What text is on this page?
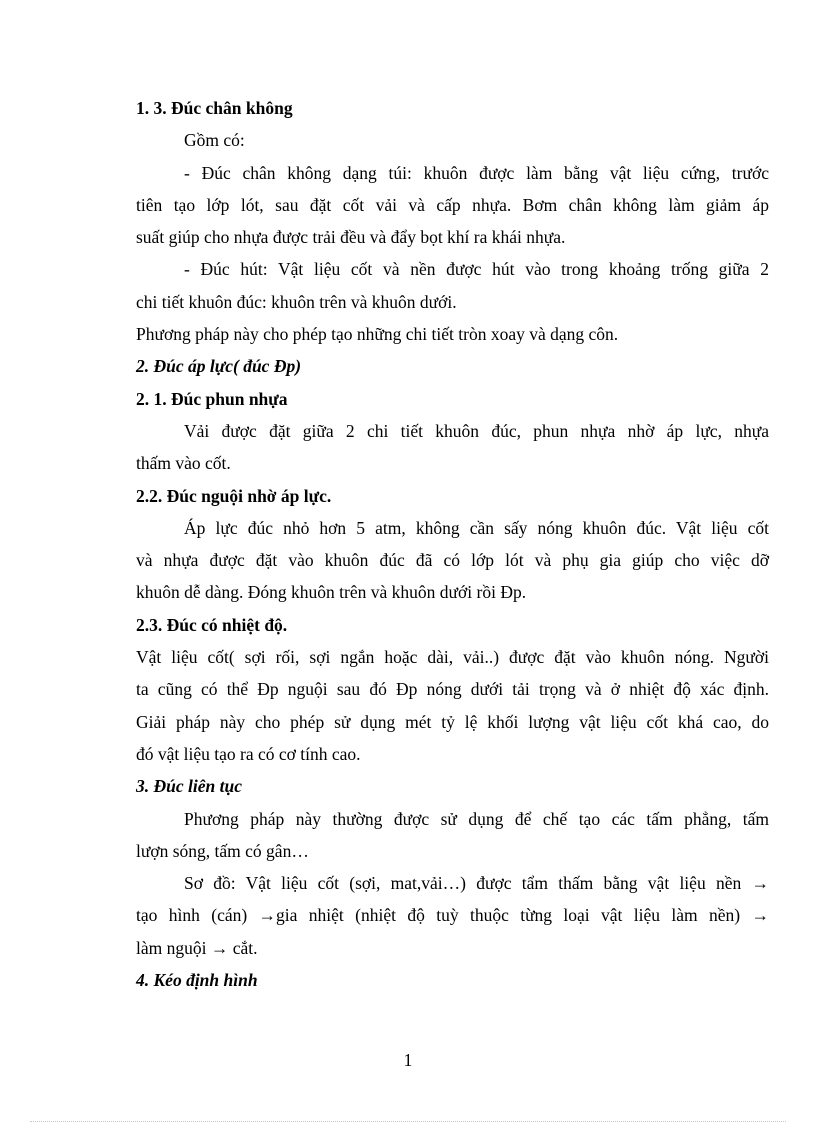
1. 3. Đúc chân không

Gồm có:

- Đúc chân không dạng túi: khuôn được làm bằng vật liệu cứng, trước

tiên tạo lớp lót, sau đặt cốt vải và cấp nhựa. Bơm chân không làm giảm áp

suất giúp cho nhựa được trải đều và đẩy bọt khí ra khái nhựa.

- Đúc hút: Vật liệu cốt và nền được hút vào trong khoảng trống giữa 2

chi tiết khuôn đúc: khuôn trên và khuôn dưới.

Phương pháp này cho phép tạo những chi tiết tròn xoay và dạng côn.

2. Đúc áp lực( đúc Đp)

2. 1. Đúc phun nhựa

Vải được đặt giữa 2 chi tiết khuôn đúc, phun nhựa nhờ áp lực, nhựa

thấm vào cốt.

2.2. Đúc nguội nhờ áp lực.

Áp lực đúc nhỏ hơn 5 atm, không cần sấy nóng khuôn đúc. Vật liệu cốt

và nhựa được đặt vào khuôn đúc đã có lớp lót và phụ gia giúp cho việc dỡ

khuôn dễ dàng. Đóng khuôn trên và khuôn dưới rồi Đp.

2.3. Đúc có nhiệt độ.

Vật liệu cốt( sợi rối, sợi ngắn hoặc dài, vải..) được đặt vào khuôn nóng. Người

ta cũng có thể Đp nguội sau đó Đp nóng dưới tải trọng và ở nhiệt độ xác định.

Giải pháp này cho phép sử dụng mét tỷ lệ khối lượng vật liệu cốt khá cao, do

đó vật liệu tạo ra có cơ tính cao.

3. Đúc liên tục

Phương pháp này thường được sử dụng để chế tạo các tấm phẳng, tấm

lượn sóng, tấm có gân…

Sơ đồ: Vật liệu cốt (sợi, mat,vải…) được tẩm thấm bằng vật liệu nền →

tạo hình (cán) →gia nhiệt (nhiệt độ tuỳ thuộc từng loại vật liệu làm nền) →

làm nguội → cắt.

4. Kéo định hình

1
